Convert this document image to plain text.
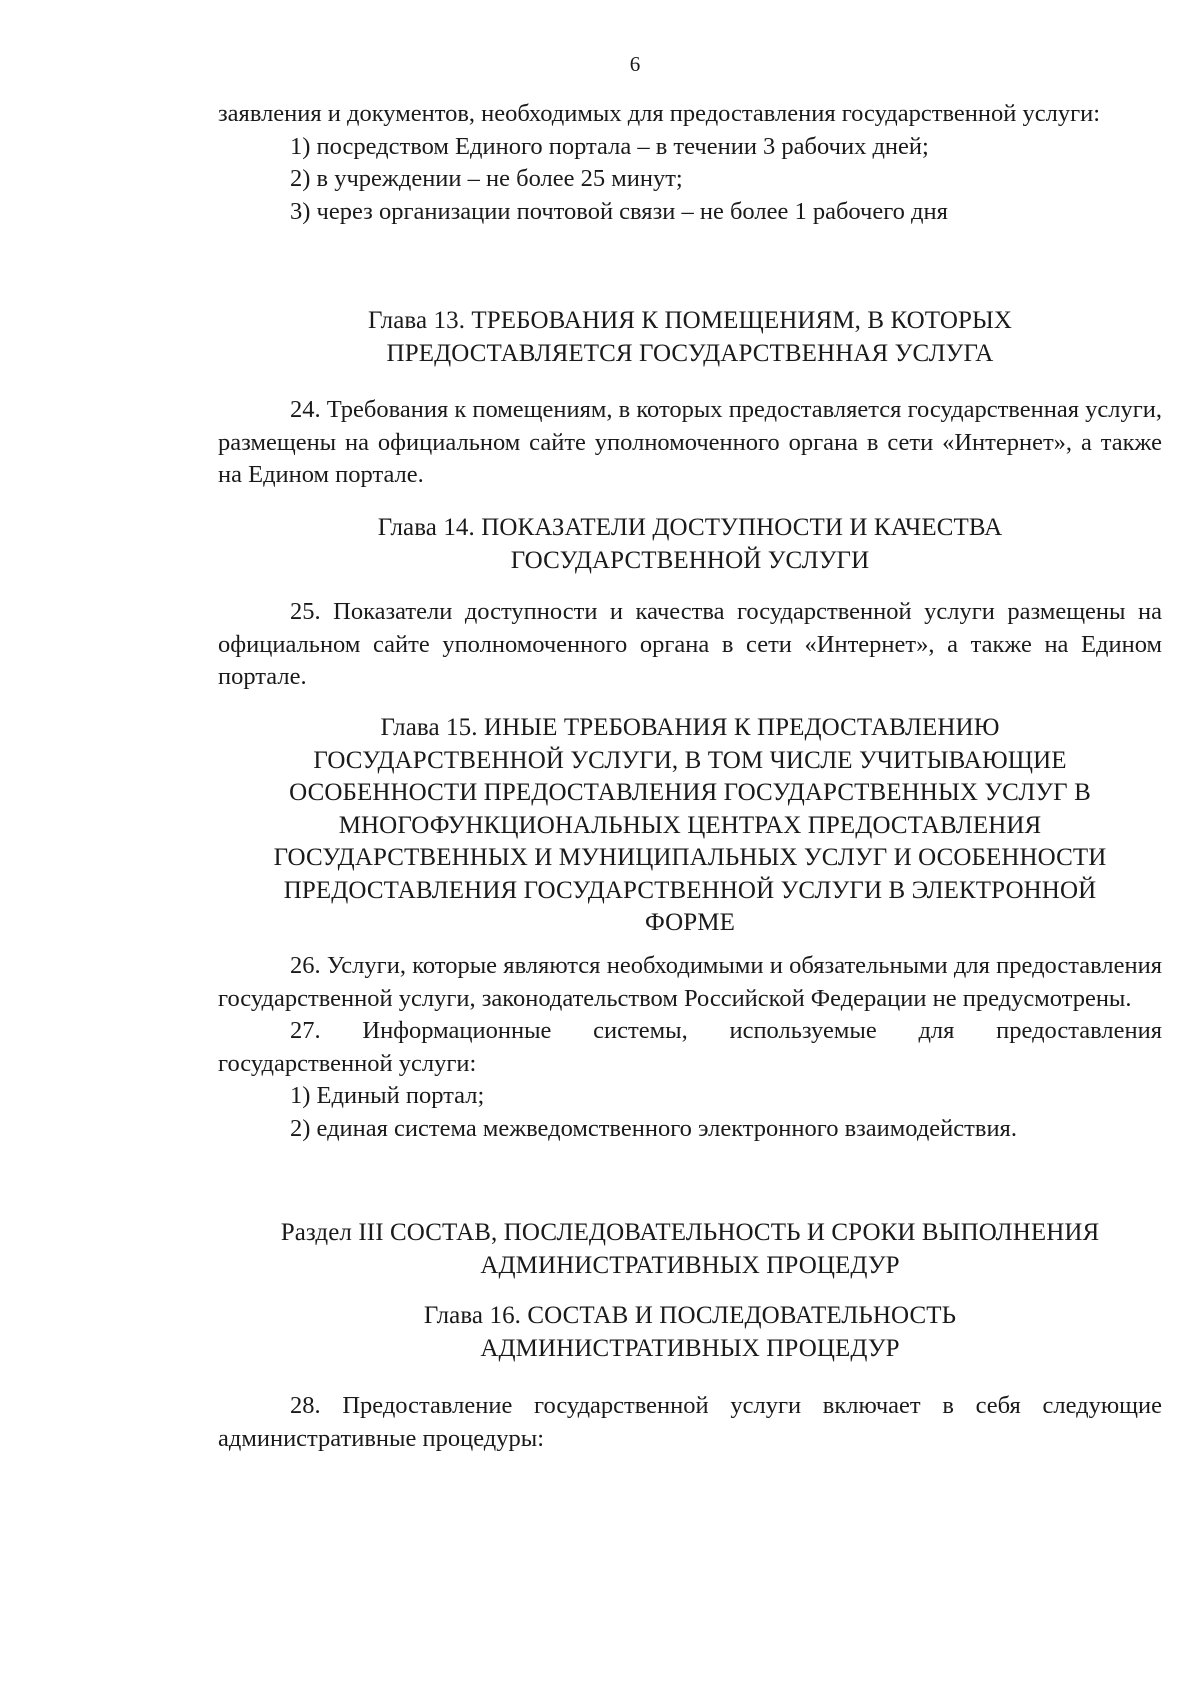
6

заявления и документов, необходимых для предоставления государственной услуги:

1) посредством Единого портала – в течении 3 рабочих дней;

2) в учреждении – не более 25 минут;

3) через организации почтовой связи – не более 1 рабочего дня

Глава 13. ТРЕБОВАНИЯ К ПОМЕЩЕНИЯМ, В КОТОРЫХ
ПРЕДОСТАВЛЯЕТСЯ ГОСУДАРСТВЕННАЯ УСЛУГА

24. Требования к помещениям, в которых предоставляется государственная услуги, размещены на официальном сайте уполномоченного органа в сети «Интернет», а также на Едином портале.

Глава 14. ПОКАЗАТЕЛИ ДОСТУПНОСТИ И КАЧЕСТВА
ГОСУДАРСТВЕННОЙ УСЛУГИ

25. Показатели доступности и качества государственной услуги размещены на официальном сайте уполномоченного органа в сети «Интернет», а также на Едином портале.

Глава 15. ИНЫЕ ТРЕБОВАНИЯ К ПРЕДОСТАВЛЕНИЮ
ГОСУДАРСТВЕННОЙ УСЛУГИ, В ТОМ ЧИСЛЕ УЧИТЫВАЮЩИЕ
ОСОБЕННОСТИ ПРЕДОСТАВЛЕНИЯ ГОСУДАРСТВЕННЫХ УСЛУГ В
МНОГОФУНКЦИОНАЛЬНЫХ ЦЕНТРАХ ПРЕДОСТАВЛЕНИЯ
ГОСУДАРСТВЕННЫХ И МУНИЦИПАЛЬНЫХ УСЛУГ И ОСОБЕННОСТИ
ПРЕДОСТАВЛЕНИЯ ГОСУДАРСТВЕННОЙ УСЛУГИ В ЭЛЕКТРОННОЙ
ФОРМЕ

26. Услуги, которые являются необходимыми и обязательными для предоставления государственной услуги, законодательством Российской Федерации не предусмотрены.

27. Информационные системы, используемые для предоставления государственной услуги:

1) Единый портал;

2) единая система межведомственного электронного взаимодействия.

Раздел III СОСТАВ, ПОСЛЕДОВАТЕЛЬНОСТЬ И СРОКИ ВЫПОЛНЕНИЯ
АДМИНИСТРАТИВНЫХ ПРОЦЕДУР
Глава 16. СОСТАВ И ПОСЛЕДОВАТЕЛЬНОСТЬ
АДМИНИСТРАТИВНЫХ ПРОЦЕДУР

28. Предоставление государственной услуги включает в себя следующие административные процедуры:
